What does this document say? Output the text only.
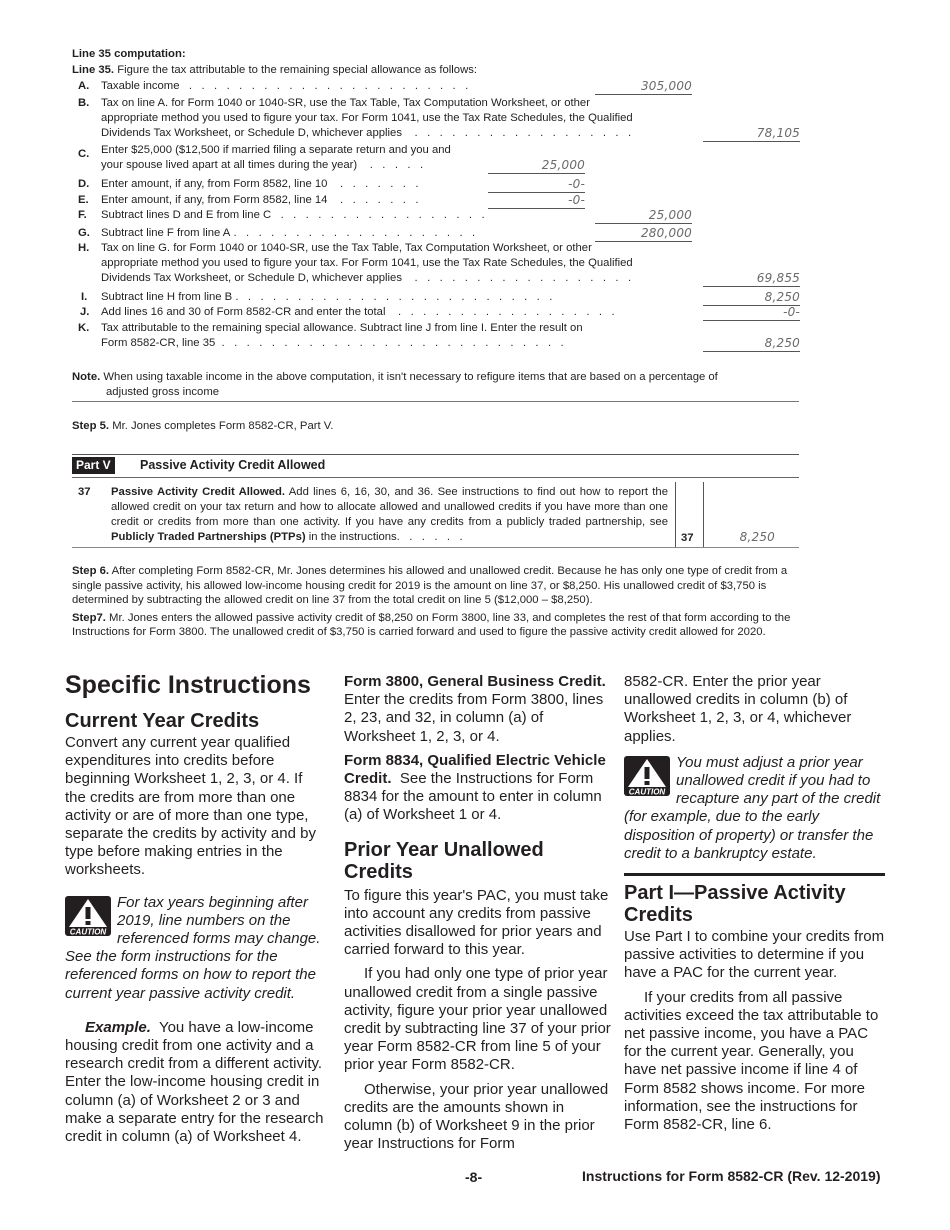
Line 35 computation:
Line 35. Figure the tax attributable to the remaining special allowance as follows:
A. Taxable income   .   .   .   .   .   .   .   .   .   .   .   .   .   .   .   .   .   .   .   .   .   .   .	305,000
B. Tax on line A. for Form 1040 or 1040-SR, use the Tax Table, Tax Computation Worksheet, or other
appropriate method you used to figure your tax. For Form 1041, use the Tax Rate Schedules, the Qualified
Dividends Tax Worksheet, or Schedule D, whichever applies    .   .   .   .   .   .   .   .   .   .   .   .   .   .   .   .   .   .	78,105
C. Enter $25,000 ($12,500 if married filing a separate return and you and
your spouse lived apart at all times during the year)    .   .   .   .   .	25,000
D. Enter amount, if any, from Form 8582, line 10    .   .   .   .   .   .   .	-0-
E. Enter amount, if any, from Form 8582, line 14    .   .   .   .   .   .   .	-0-
F. Subtract lines D and E from line C   .   .   .   .   .   .   .   .   .   .   .   .   .   .   .   .   .	25,000
G. Subtract line F from line A .   .   .   .   .   .   .   .   .   .   .   .   .   .   .   .   .   .   .   .	280,000
H. Tax on line G. for Form 1040 or 1040-SR, use the Tax Table, Tax Computation Worksheet, or other
appropriate method you used to figure your tax. For Form 1041, use the Tax Rate Schedules, the Qualified
Dividends Tax Worksheet, or Schedule D, whichever applies    .   .   .   .   .   .   .   .   .   .   .   .   .   .   .   .   .   .	69,855
I. Subtract line H from line B .   .   .   .   .   .   .   .   .   .   .   .   .   .   .   .   .   .   .   .   .   .   .   .   .   .	8,250
J. Add lines 16 and 30 of Form 8582-CR and enter the total    .   .   .   .   .   .   .   .   .   .   .   .   .   .   .   .   .   .	-0-
K. Tax attributable to the remaining special allowance. Subtract line J from line I. Enter the result on
Form 8582-CR, line 35  .   .   .   .   .   .   .   .   .   .   .   .   .   .   .   .   .   .   .   .   .   .   .   .   .   .   .   .	8,250
Note. When using taxable income in the above computation, it isn't necessary to refigure items that are based on a percentage of
adjusted gross income
Step 5. Mr. Jones completes Form 8582-CR, Part V.
Part V	Passive Activity Credit Allowed
37 Passive Activity Credit Allowed. Add lines 6, 16, 30, and 36. See instructions to find out how to report the allowed credit on your tax return and how to allocate allowed and unallowed credits if you have more than one credit or credits from more than one activity. If you have any credits from a publicly traded partnership, see Publicly Traded Partnerships (PTPs) in the instructions.   .   .   .   .   .	37	8,250

Step 6. After completing Form 8582-CR, Mr. Jones determines his allowed and unallowed credit. Because he has only one type of credit from a single passive activity, his allowed low-income housing credit for 2019 is the amount on line 37, or $8,250. His unallowed credit of $3,750 is determined by subtracting the allowed credit on line 37 from the total credit on line 5 ($12,000 – $8,250).

Step7. Mr. Jones enters the allowed passive activity credit of $8,250 on Form 3800, line 33, and completes the rest of that form according to the Instructions for Form 3800. The unallowed credit of $3,750 is carried forward and used to figure the passive activity credit allowed for 2020.

Specific Instructions
Current Year Credits

Convert any current year qualified expenditures into credits before beginning Worksheet 1, 2, 3, or 4. If the credits are from more than one activity or are of more than one type, separate the credits by activity and by type before making entries in the worksheets.

CAUTION
For tax years beginning after 2019, line numbers on the referenced forms may change. See the form instructions for the referenced forms on how to report the current year passive activity credit.

Example. You have a low-income housing credit from one activity and a research credit from a different activity. Enter the low-income housing credit in column (a) of Worksheet 2 or 3 and make a separate entry for the research credit in column (a) of Worksheet 4.

Form 3800, General Business Credit.  Enter the credits from Form 3800, lines 2, 23, and 32, in column (a) of Worksheet 1, 2, 3, or 4.

Form 8834, Qualified Electric Vehicle Credit. See the Instructions for Form 8834 for the amount to enter in column (a) of Worksheet 1 or 4.

Prior Year Unallowed Credits

To figure this year's PAC, you must take into account any credits from passive activities disallowed for prior years and carried forward to this year.

If you had only one type of prior year unallowed credit from a single passive activity, figure your prior year unallowed credit by subtracting line 37 of your prior year Form 8582-CR from line 5 of your prior year Form 8582-CR.

Otherwise, your prior year unallowed credits are the amounts shown in column (b) of Worksheet 9 in the prior year Instructions for Form

8582-CR. Enter the prior year unallowed credits in column (b) of Worksheet 1, 2, 3, or 4, whichever applies.

CAUTION
You must adjust a prior year unallowed credit if you had to recapture any part of the credit (for example, due to the early disposition of property) or transfer the credit to a bankruptcy estate.
Part I—Passive Activity Credits

Use Part I to combine your credits from passive activities to determine if you have a PAC for the current year.

If your credits from all passive activities exceed the tax attributable to net passive income, you have a PAC for the current year. Generally, you have net passive income if line 4 of Form 8582 shows income. For more information, see the instructions for Form 8582-CR, line 6.

-8-	Instructions for Form 8582-CR (Rev. 12-2019)
